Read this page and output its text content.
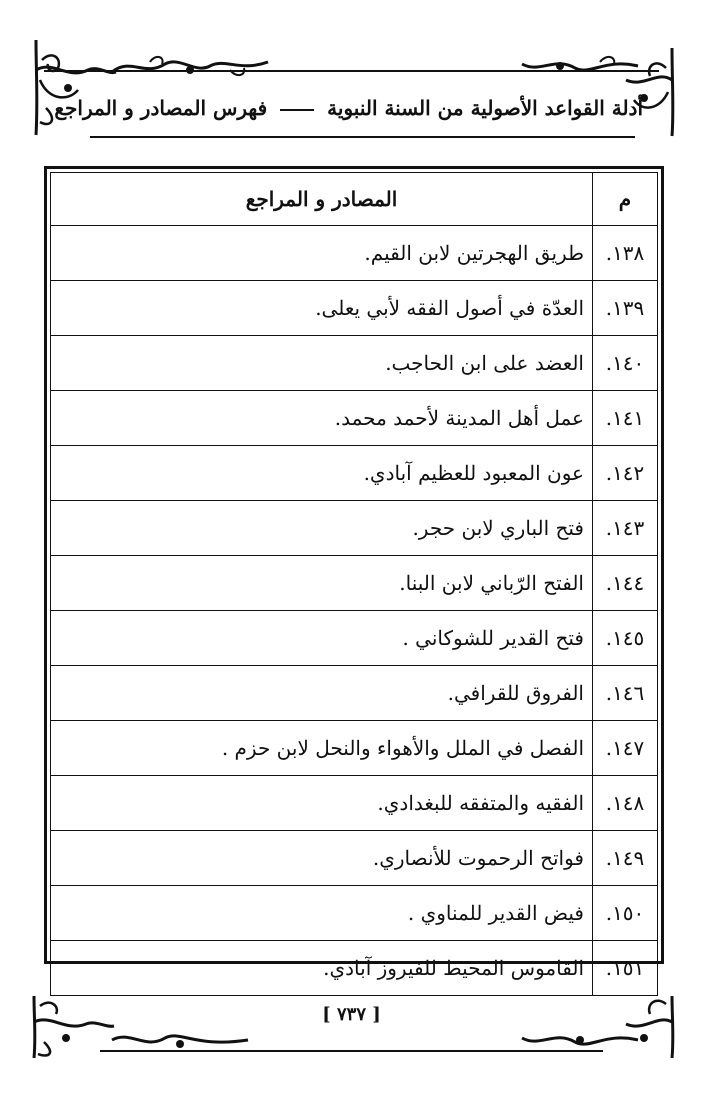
أدلة القواعد الأصولية من السنة النبوية  فهرس المصادر و المراجع
م	المصادر و المراجع
١٣٨ .	طريق الهجرتين لابن القيم.
١٣٩ .	العدّة في أصول الفقه لأبي يعلى.
١٤٠ .	العضد على ابن الحاجب.
١٤١ .	عمل أهل المدينة لأحمد محمد.
١٤٢ .	عون المعبود للعظيم آبادي.
١٤٣ .	فتح الباري لابن حجر.
١٤٤ .	الفتح الرّباني لابن البنا.
١٤٥ .	فتح القدير للشوكاني .
١٤٦ .	الفروق للقرافي.
١٤٧ .	الفصل في الملل والأهواء والنحل لابن حزم .
١٤٨ .	الفقيه والمتفقه للبغدادي.
١٤٩ .	فواتح الرحموت للأنصاري.
١٥٠ .	فيض القدير للمناوي .
١٥١ .	القاموس المحيط للفيروز آبادي.
[ ٧٣٧ ]
